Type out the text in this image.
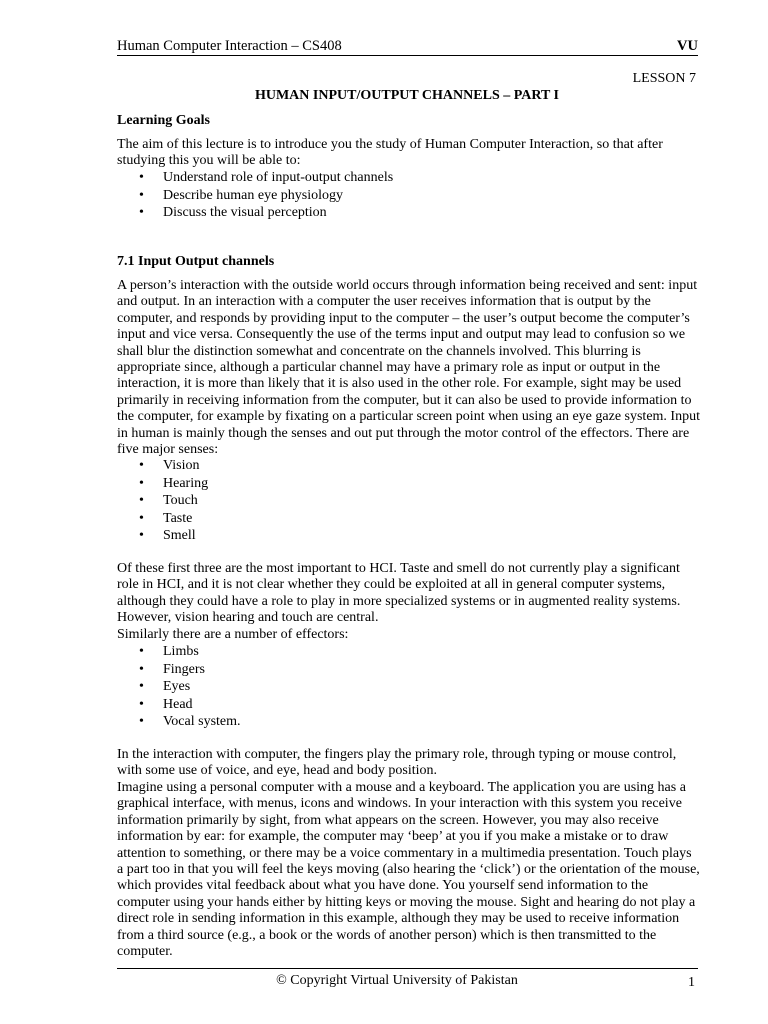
Human Computer Interaction – CS408	VU
LESSON 7
HUMAN INPUT/OUTPUT CHANNELS – PART I
Learning Goals

The aim of this lecture is to introduce you the study of Human Computer Interaction, so that after studying this you will be able to:

• Understand role of input-output channels
• Describe human eye physiology
• Discuss the visual perception
7.1 Input Output channels

A person’s interaction with the outside world occurs through information being received and sent: input and output. In an interaction with a computer the user receives information that is output by the computer, and responds by providing input to the computer – the user’s output become the computer’s input and vice versa. Consequently the use of the terms input and output may lead to confusion so we shall blur the distinction somewhat and concentrate on the channels involved. This blurring is appropriate since, although a particular channel may have a primary role as input or output in the interaction, it is more than likely that it is also used in the other role. For example, sight may be used primarily in receiving information from the computer, but it can also be used to provide information to the computer, for example by fixating on a particular screen point when using an eye gaze system. Input in human is mainly though the senses and out put through the motor control of the effectors. There are five major senses:

• Vision
• Hearing
• Touch
• Taste
• Smell

Of these first three are the most important to HCI. Taste and smell do not currently play a significant role in HCI, and it is not clear whether they could be exploited at all in general computer systems, although they could have a role to play in more specialized systems or in augmented reality systems. However, vision hearing and touch are central.

Similarly there are a number of effectors:

• Limbs
• Fingers
• Eyes
• Head
• Vocal system.

In the interaction with computer, the fingers play the primary role, through typing or mouse control, with some use of voice, and eye, head and body position.

Imagine using a personal computer with a mouse and a keyboard. The application you are using has a graphical interface, with menus, icons and windows. In your interaction with this system you receive information primarily by sight, from what appears on the screen. However, you may also receive information by ear: for example, the computer may ‘beep’ at you if you make a mistake or to draw attention to something, or there may be a voice commentary in a multimedia presentation. Touch plays a part too in that you will feel the keys moving (also hearing the ‘click’) or the orientation of the mouse, which provides vital feedback about what you have done. You yourself send information to the computer using your hands either by hitting keys or moving the mouse. Sight and hearing do not play a direct role in sending information in this example, although they may be used to receive information from a third source (e.g., a book or the words of another person) which is then transmitted to the computer.

© Copyright Virtual University of Pakistan	1
